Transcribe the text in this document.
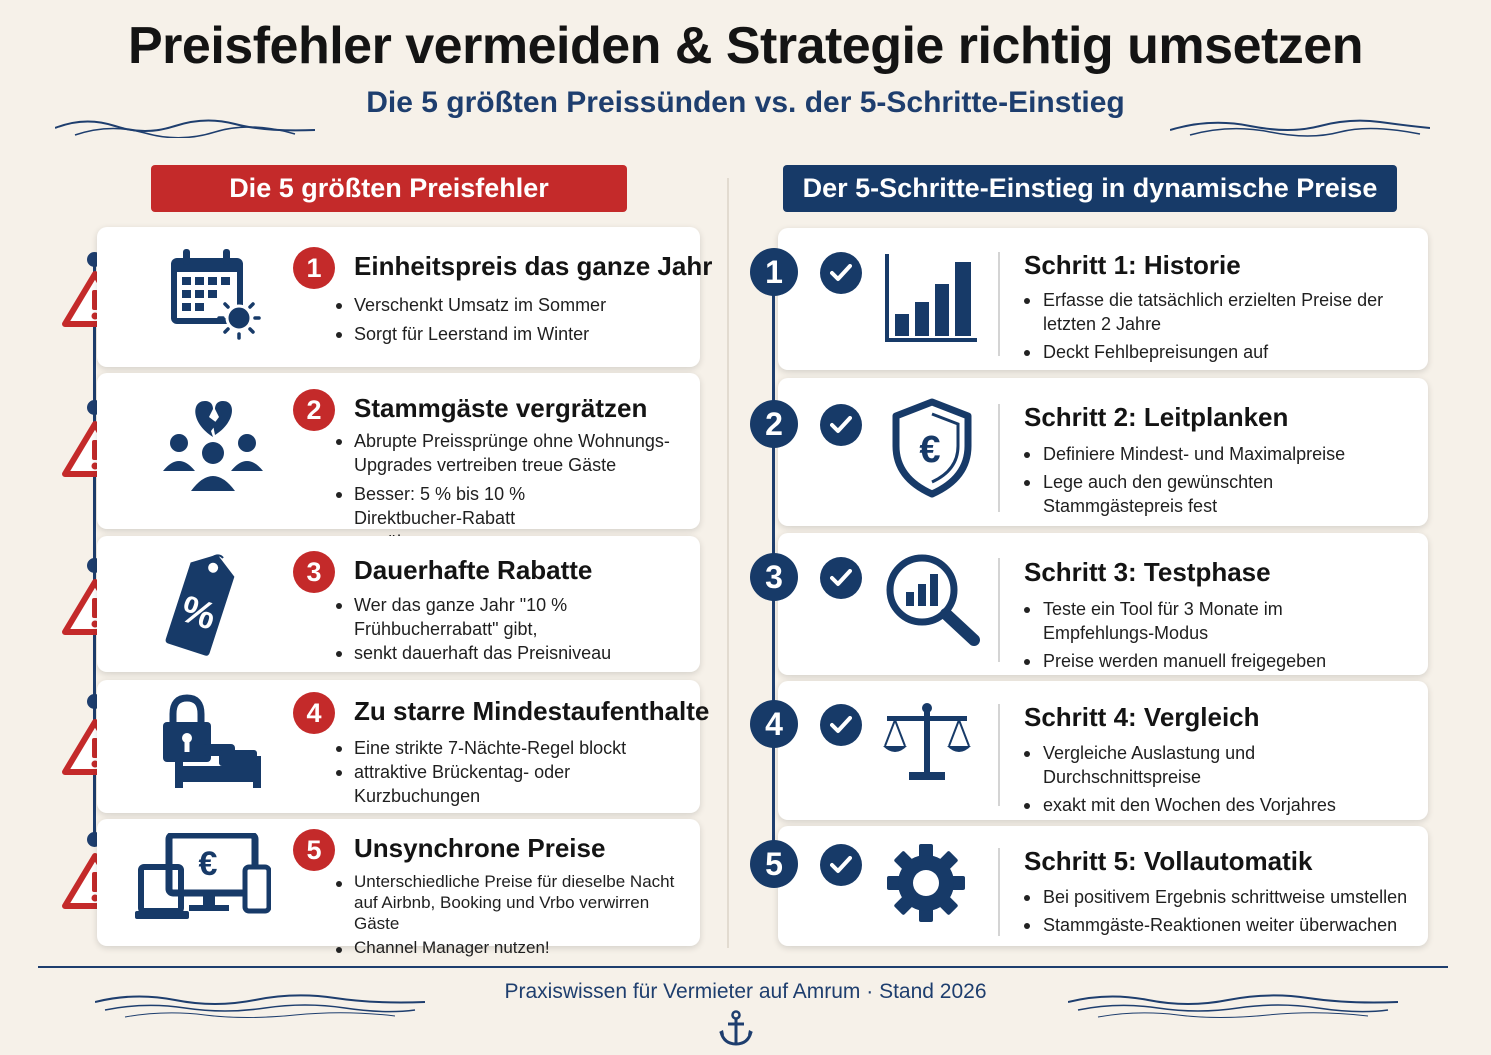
Preisfehler vermeiden & Strategie richtig umsetzen
Die 5 größten Preissünden vs. der 5-Schritte-Einstieg
Die 5 größten Preisfehler	Der 5-Schritte-Einstieg in dynamische Preise
1	Einheitspreis das ganze Jahr
Verschenkt Umsatz im Sommer
Sorgt für Leerstand im Winter
2	Stammgäste vergrätzen
Abrupte Preissprünge ohne Wohnungs-Upgrades vertreiben treue Gäste
Besser: 5 % bis 10 % Direktbucher-Rabatt
%
3	Dauerhafte Rabatte
Wer das ganze Jahr "10 % Frühbucherrabatt" gibt,
senkt dauerhaft das Preisniveau
4	Zu starre Mindestaufenthalte
Eine strikte 7-Nächte-Regel blockt
attraktive Brückentag- oder Kurzbuchungen
€	5	Unsynchrone Preise
Unterschiedliche Preise für dieselbe Nacht auf Airbnb, Booking und Vrbo verwirren Gäste
Channel Manager nutzen!
1	Schritt 1: Historie
Erfasse die tatsächlich erzielten Preise der letzten 2 Jahre
Deckt Fehlbepreisungen auf
2
€
Schritt 2: Leitplanken
Definiere Mindest- und Maximalpreise
Lege auch den gewünschten Stammgästepreis fest
3	Schritt 3: Testphase
Teste ein Tool für 3 Monate im Empfehlungs-Modus
Preise werden manuell freigegeben
4	Schritt 4: Vergleich
Vergleiche Auslastung und Durchschnittspreise
exakt mit den Wochen des Vorjahres
5	Schritt 5: Vollautomatik
Bei positivem Ergebnis schrittweise umstellen
Stammgäste-Reaktionen weiter überwachen
Praxiswissen für Vermieter auf Amrum · Stand 2026
